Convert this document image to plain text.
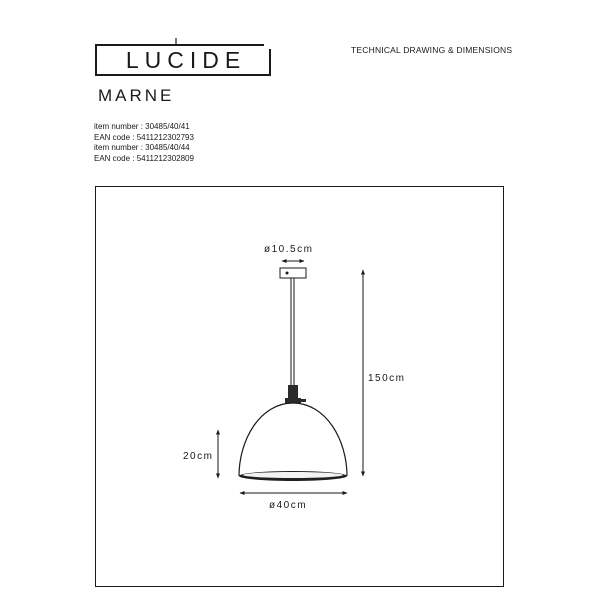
LUCIDE
MARNE
TECHNICAL DRAWING & DIMENSIONS
item number : 30485/40/41
EAN code : 5411212302793
item number : 30485/40/44
EAN code : 5411212302809
ø10.5cm
150cm
20cm
ø40cm
